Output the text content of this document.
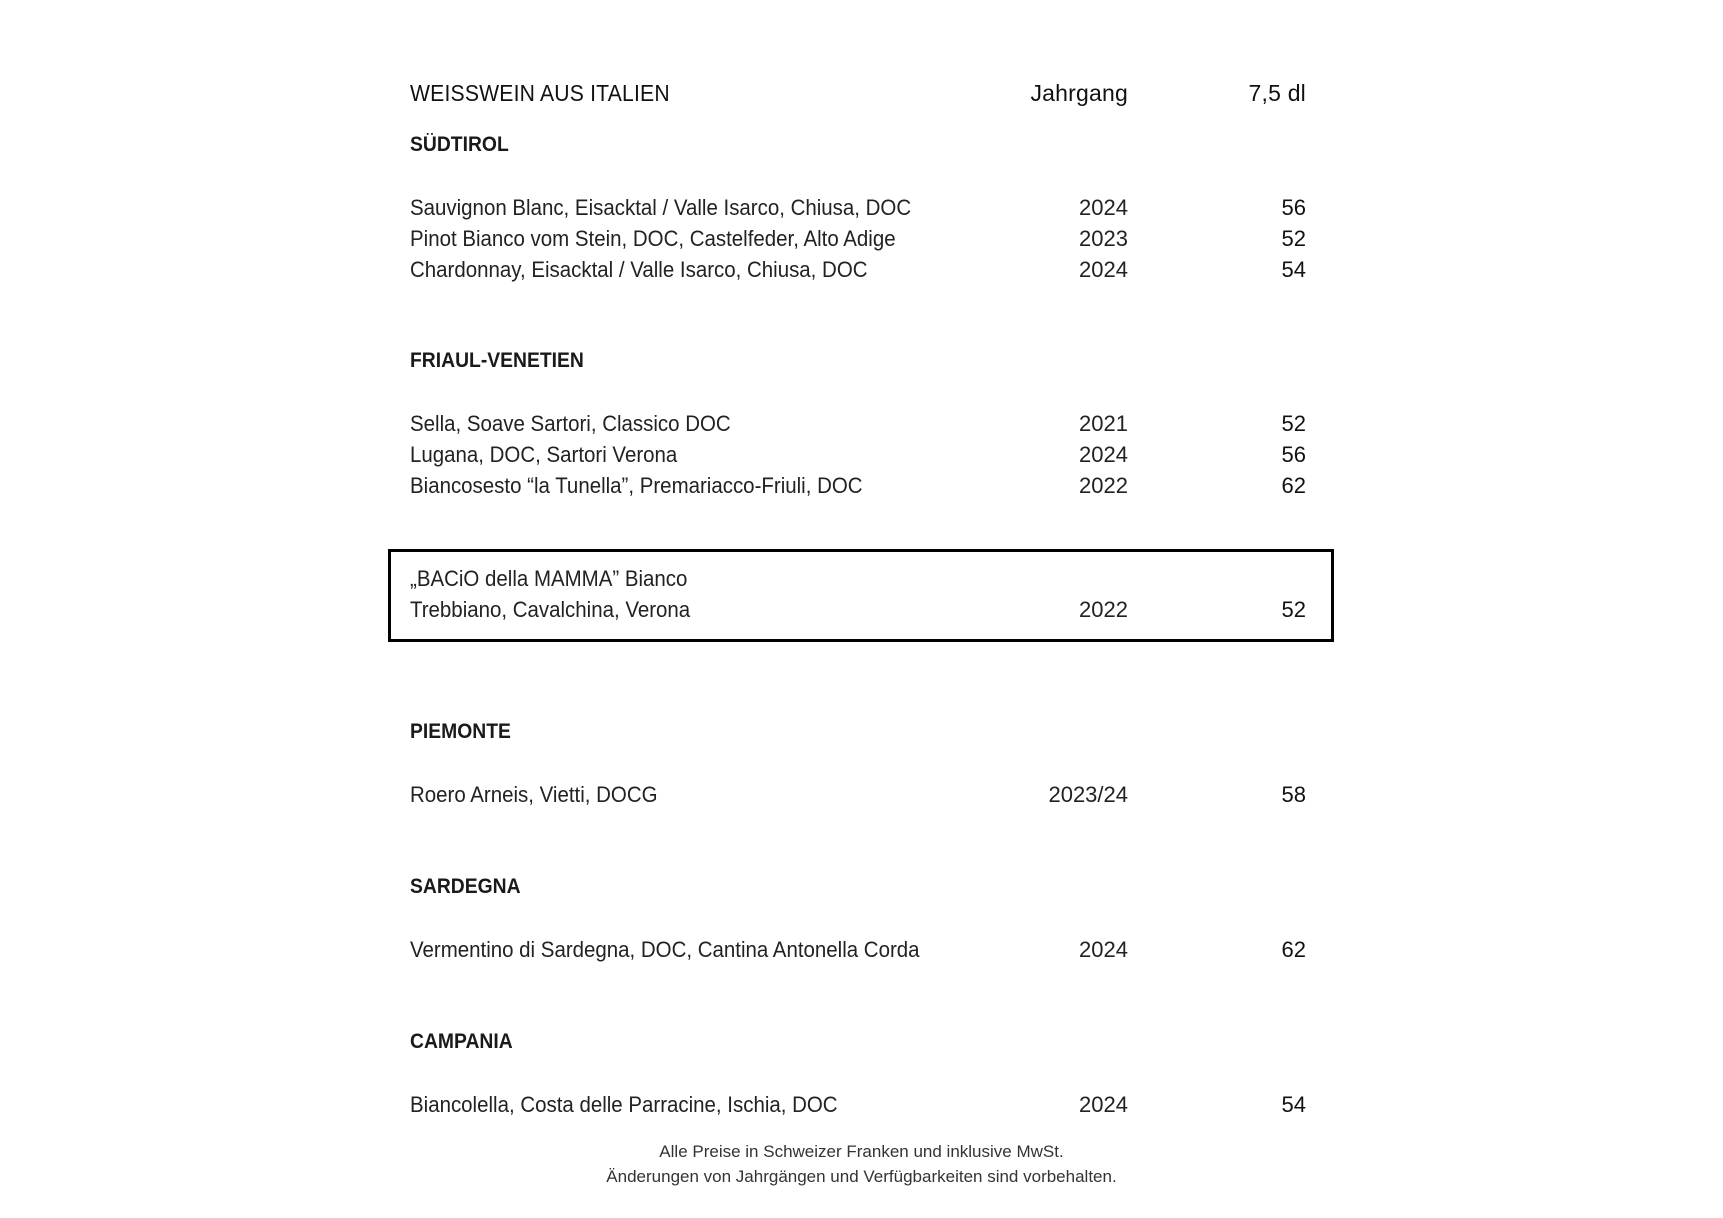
WEISSWEIN AUS ITALIEN	Jahrgang	7,5 dl
SÜDTIROL
Sauvignon Blanc, Eisacktal / Valle Isarco, Chiusa, DOC	2024	56
Pinot Bianco vom Stein, DOC, Castelfeder, Alto Adige	2023	52
Chardonnay, Eisacktal / Valle Isarco, Chiusa, DOC	2024	54
FRIAUL-VENETIEN
Sella, Soave Sartori, Classico DOC	2021	52
Lugana, DOC, Sartori Verona	2024	56
Biancosesto “la Tunella”, Premariacco-Friuli, DOC	2022	62
„BACiO della MAMMA” Bianco
Trebbiano, Cavalchina, Verona	2022	52
PIEMONTE
Roero Arneis, Vietti, DOCG	2023/24	58
SARDEGNA
Vermentino di Sardegna, DOC, Cantina Antonella Corda	2024	62
CAMPANIA
Biancolella, Costa delle Parracine, Ischia, DOC	2024	54
Alle Preise in Schweizer Franken und inklusive MwSt.
Änderungen von Jahrgängen und Verfügbarkeiten sind vorbehalten.
